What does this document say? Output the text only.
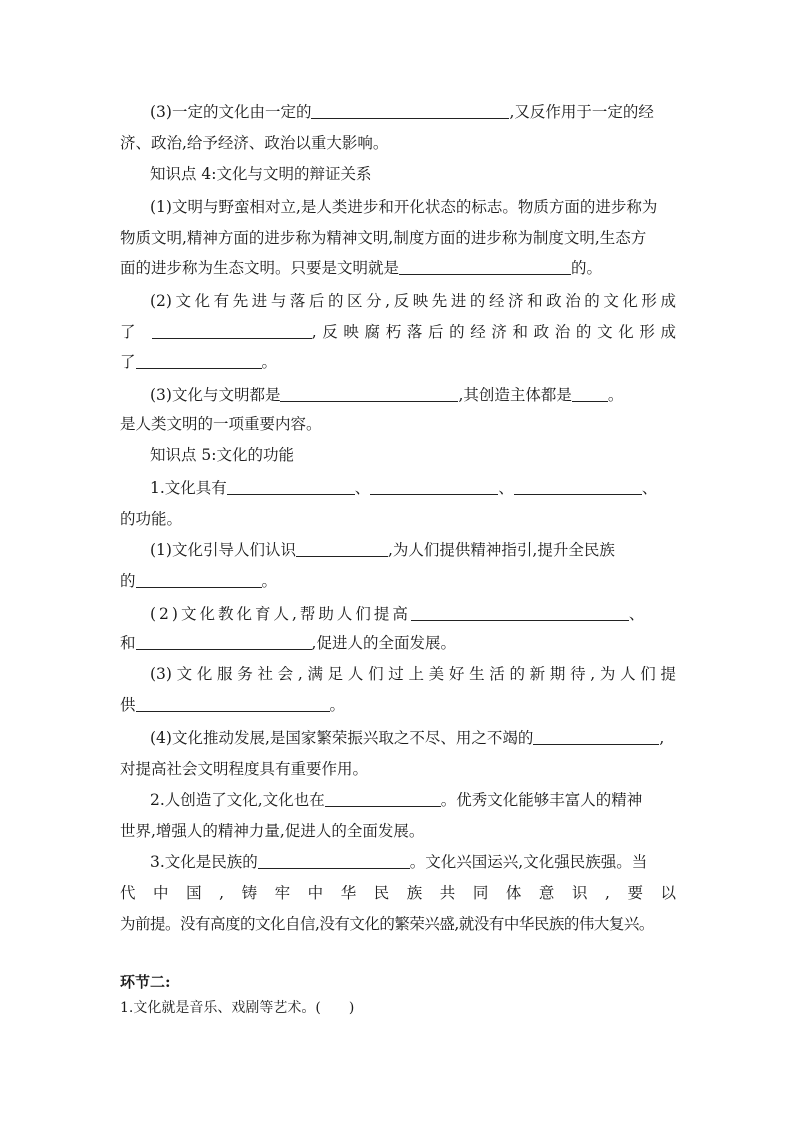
(3)一定的文化由一定的	,又反作用于一定的经
济、政治,给予经济、政治以重大影响。
知识点 4:文化与文明的辩证关系
(1)文明与野蛮相对立,是人类进步和开化状态的标志。物质方面的进步称为
物质文明,精神方面的进步称为精神文明,制度方面的进步称为制度文明,生态方
面的进步称为生态文明。只要是文明就是	的。
(2)文化有先进与落后的区分,反映先进的经济和政治的文化形成
了	,反映腐朽落后的经济和政治的文化形成
了	。
(3)文化与文明都是	,其创造主体都是 。
是人类文明的一项重要内容。
知识点 5:文化的功能
1.文化具有	、	、	、
的功能。
(1)文化引导人们认识	,为人们提供精神指引,提升全民族
的	。
(2)文化教化育人,帮助人们提高	、
和	,促进人的全面发展。
(3)文化服务社会,满足人们过上美好生活的新期待,为人们提
供	。
(4)文化推动发展,是国家繁荣振兴取之不尽、用之不竭的	,
对提高社会文明程度具有重要作用。
2.人创造了文化,文化也在	。优秀文化能够丰富人的精神
世界,增强人的精神力量,促进人的全面发展。
3.文化是民族的	。文化兴国运兴,文化强民族强。当
代中国,铸牢中华民族共同体意识,要以
为前提。没有高度的文化自信,没有文化的繁荣兴盛,就没有中华民族的伟大复兴。
环节二:
1.文化就是音乐、戏剧等艺术。(　　)
